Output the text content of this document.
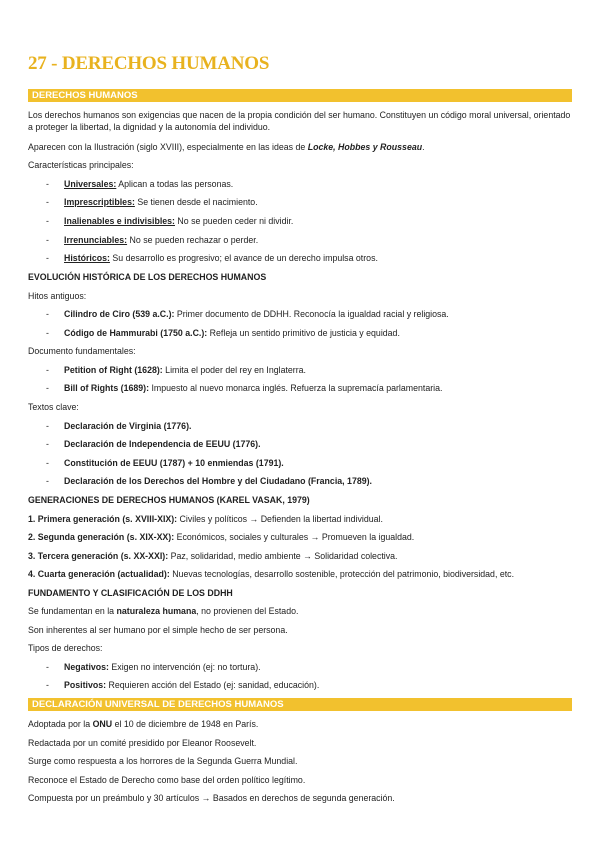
27 - DERECHOS HUMANOS
DERECHOS HUMANOS
Los derechos humanos son exigencias que nacen de la propia condición del ser humano. Constituyen un código moral universal, orientado a proteger la libertad, la dignidad y la autonomía del individuo.
Aparecen con la Ilustración (siglo XVIII), especialmente en las ideas de Locke, Hobbes y Rousseau.
Características principales:
- Universales: Aplican a todas las personas.
- Imprescriptibles: Se tienen desde el nacimiento.
- Inalienables e indivisibles: No se pueden ceder ni dividir.
- Irrenunciables: No se pueden rechazar o perder.
- Históricos: Su desarrollo es progresivo; el avance de un derecho impulsa otros.
EVOLUCIÓN HISTÓRICA DE LOS DERECHOS HUMANOS
Hitos antiguos:
- Cilindro de Ciro (539 a.C.): Primer documento de DDHH. Reconocía la igualdad racial y religiosa.
- Código de Hammurabi (1750 a.C.): Refleja un sentido primitivo de justicia y equidad.
Documento fundamentales:
- Petition of Right (1628): Limita el poder del rey en Inglaterra.
- Bill of Rights (1689): Impuesto al nuevo monarca inglés. Refuerza la supremacía parlamentaria.
Textos clave:
- Declaración de Virginia (1776).
- Declaración de Independencia de EEUU (1776).
- Constitución de EEUU (1787) + 10 enmiendas (1791).
- Declaración de los Derechos del Hombre y del Ciudadano (Francia, 1789).
GENERACIONES DE DERECHOS HUMANOS (KAREL VASAK, 1979)
1. Primera generación (s. XVIII-XIX): Civiles y políticos → Defienden la libertad individual.
2. Segunda generación (s. XIX-XX): Económicos, sociales y culturales → Promueven la igualdad.
3. Tercera generación (s. XX-XXI): Paz, solidaridad, medio ambiente → Solidaridad colectiva.
4. Cuarta generación (actualidad): Nuevas tecnologías, desarrollo sostenible, protección del patrimonio, biodiversidad, etc.
FUNDAMENTO Y CLASIFICACIÓN DE LOS DDHH
Se fundamentan en la naturaleza humana, no provienen del Estado.
Son inherentes al ser humano por el simple hecho de ser persona.
Tipos de derechos:
- Negativos: Exigen no intervención (ej: no tortura).
- Positivos: Requieren acción del Estado (ej: sanidad, educación).
DECLARACIÓN UNIVERSAL DE DERECHOS HUMANOS
Adoptada por la ONU el 10 de diciembre de 1948 en París.
Redactada por un comité presidido por Eleanor Roosevelt.
Surge como respuesta a los horrores de la Segunda Guerra Mundial.
Reconoce el Estado de Derecho como base del orden político legítimo.
Compuesta por un preámbulo y 30 artículos → Basados en derechos de segunda generación.
